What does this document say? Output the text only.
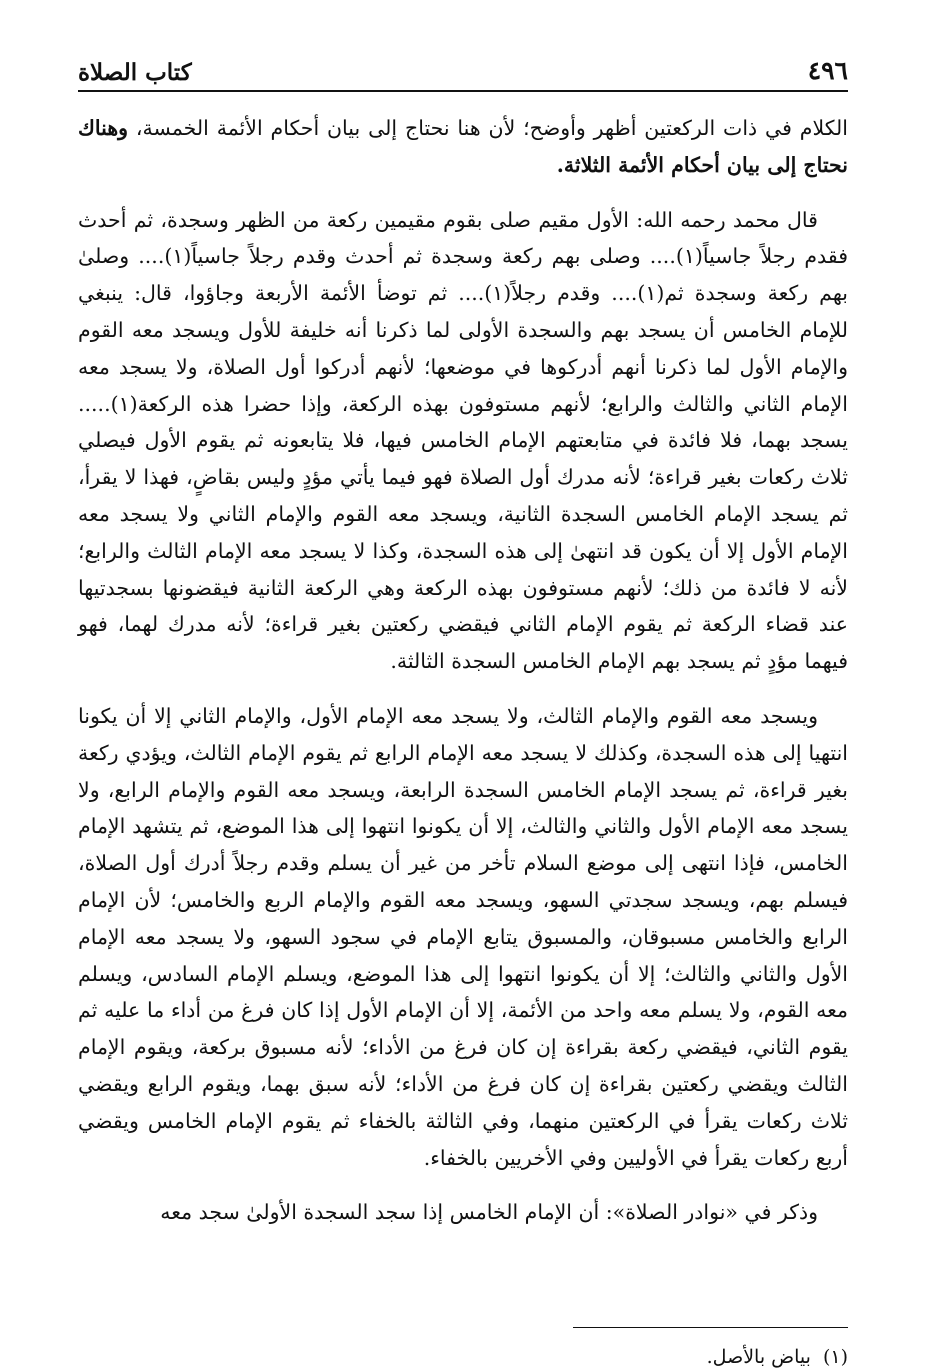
٤٩٦
كتاب الصلاة

الكلام في ذات الركعتين أظهر وأوضح؛ لأن هنا نحتاج إلى بيان أحكام الأئمة الخمسة، وهناك نحتاج إلى بيان أحكام الأئمة الثلاثة.

قال محمد رحمه الله: الأول مقيم صلى بقوم مقيمين ركعة من الظهر وسجدة، ثم أحدث فقدم رجلاً جاسياً(١).... وصلى بهم ركعة وسجدة ثم أحدث وقدم رجلاً جاسياً(١).... وصلىٰ بهم ركعة وسجدة ثم(١).... وقدم رجلاً(١).... ثم توضأ الأئمة الأربعة وجاؤوا، قال: ينبغي للإمام الخامس أن يسجد بهم والسجدة الأولى لما ذكرنا أنه خليفة للأول ويسجد معه القوم والإمام الأول لما ذكرنا أنهم أدركوها في موضعها؛ لأنهم أدركوا أول الصلاة، ولا يسجد معه الإمام الثاني والثالث والرابع؛ لأنهم مستوفون بهذه الركعة، وإذا حضرا هذه الركعة(١)..... يسجد بهما، فلا فائدة في متابعتهم الإمام الخامس فيها، فلا يتابعونه ثم يقوم الأول فيصلي ثلاث ركعات بغير قراءة؛ لأنه مدرك أول الصلاة فهو فيما يأتي مؤدٍ وليس بقاضٍ، فهذا لا يقرأ، ثم يسجد الإمام الخامس السجدة الثانية، ويسجد معه القوم والإمام الثاني ولا يسجد معه الإمام الأول إلا أن يكون قد انتهىٰ إلى هذه السجدة، وكذا لا يسجد معه الإمام الثالث والرابع؛ لأنه لا فائدة من ذلك؛ لأنهم مستوفون بهذه الركعة وهي الركعة الثانية فيقضونها بسجدتيها عند قضاء الركعة ثم يقوم الإمام الثاني فيقضي ركعتين بغير قراءة؛ لأنه مدرك لهما، فهو فيهما مؤدٍ ثم يسجد بهم الإمام الخامس السجدة الثالثة.

ويسجد معه القوم والإمام الثالث، ولا يسجد معه الإمام الأول، والإمام الثاني إلا أن يكونا انتهيا إلى هذه السجدة، وكذلك لا يسجد معه الإمام الرابع ثم يقوم الإمام الثالث، ويؤدي ركعة بغير قراءة، ثم يسجد الإمام الخامس السجدة الرابعة، ويسجد معه القوم والإمام الرابع، ولا يسجد معه الإمام الأول والثاني والثالث، إلا أن يكونوا انتهوا إلى هذا الموضع، ثم يتشهد الإمام الخامس، فإذا انتهى إلى موضع السلام تأخر من غير أن يسلم وقدم رجلاً أدرك أول الصلاة، فيسلم بهم، ويسجد سجدتي السهو، ويسجد معه القوم والإمام الربع والخامس؛ لأن الإمام الرابع والخامس مسبوقان، والمسبوق يتابع الإمام في سجود السهو، ولا يسجد معه الإمام الأول والثاني والثالث؛ إلا أن يكونوا انتهوا إلى هذا الموضع، ويسلم الإمام السادس، ويسلم معه القوم، ولا يسلم معه واحد من الأئمة، إلا أن الإمام الأول إذا كان فرغ من أداء ما عليه ثم يقوم الثاني، فيقضي ركعة بقراءة إن كان فرغ من الأداء؛ لأنه مسبوق بركعة، ويقوم الإمام الثالث ويقضي ركعتين بقراءة إن كان فرغ من الأداء؛ لأنه سبق بهما، ويقوم الرابع ويقضي ثلاث ركعات يقرأ في الركعتين منهما، وفي الثالثة بالخفاء ثم يقوم الإمام الخامس ويقضي أربع ركعات يقرأ في الأوليين وفي الأخريين بالخفاء.

وذكر في «نوادر الصلاة»: أن الإمام الخامس إذا سجد السجدة الأولىٰ سجد معه

(١)بياض بالأصل.
